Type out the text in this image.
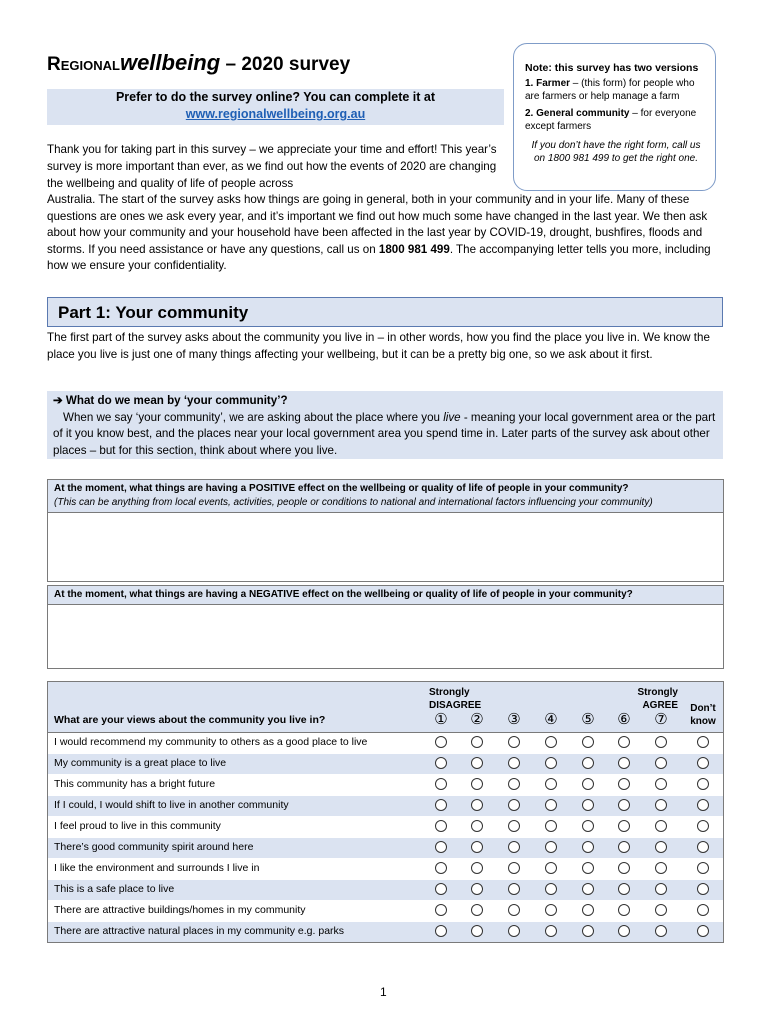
Regionalwellbeing – 2020 survey
Prefer to do the survey online? You can complete it at
www.regionalwellbeing.org.au
Note: this survey has two versions

1. Farmer – (this form) for people who are farmers or help manage a farm

2. General community – for everyone except farmers

If you don’t have the right form, call us on 1800 981 499 to get the right one.

Thank you for taking part in this survey – we appreciate your time and effort! This year’s survey is more important than ever, as we find out how the events of 2020 are changing the wellbeing and quality of life of people across

Australia. The start of the survey asks how things are going in general, both in your community and in your life. Many of these questions are ones we ask every year, and it’s important we find out how much some have changed in the last year. We then ask about how your community and your household have been affected in the last year by COVID-19, drought, bushfires, floods and storms. If you need assistance or have any questions, call us on 1800 981 499. The accompanying letter tells you more, including how we ensure your confidentiality.

Part 1: Your community
The first part of the survey asks about the community you live in – in other words, how you find the place you live in. We know the place you live is just one of many things affecting your wellbeing, but it can be a pretty big one, so we ask about it first.
➔ What do we mean by ‘your community’?
When we say ‘your community’, we are asking about the place where you live - meaning your local government area or the part of it you know best, and the places near your local government area you spend time in. Later parts of the survey ask about other places – but for this section, think about where you live.
At the moment, what things are having a POSITIVE effect on the wellbeing or quality of life of people in your community?
(This can be anything from local events, activities, people or conditions to national and international factors influencing your community)
At the moment, what things are having a NEGATIVE effect on the wellbeing or quality of life of people in your community?
What are your views about the community you live in?
Strongly DISAGREE
Strongly AGREE	Don’t know
① ② ③ ④ ⑤ ⑥ ⑦
I would recommend my community to others as a good place to live
My community is a great place to live
This community has a bright future
If I could, I would shift to live in another community
I feel proud to live in this community
There’s good community spirit around here
I like the environment and surrounds I live in
This is a safe place to live
There are attractive buildings/homes in my community
There are attractive natural places in my community e.g. parks
1
